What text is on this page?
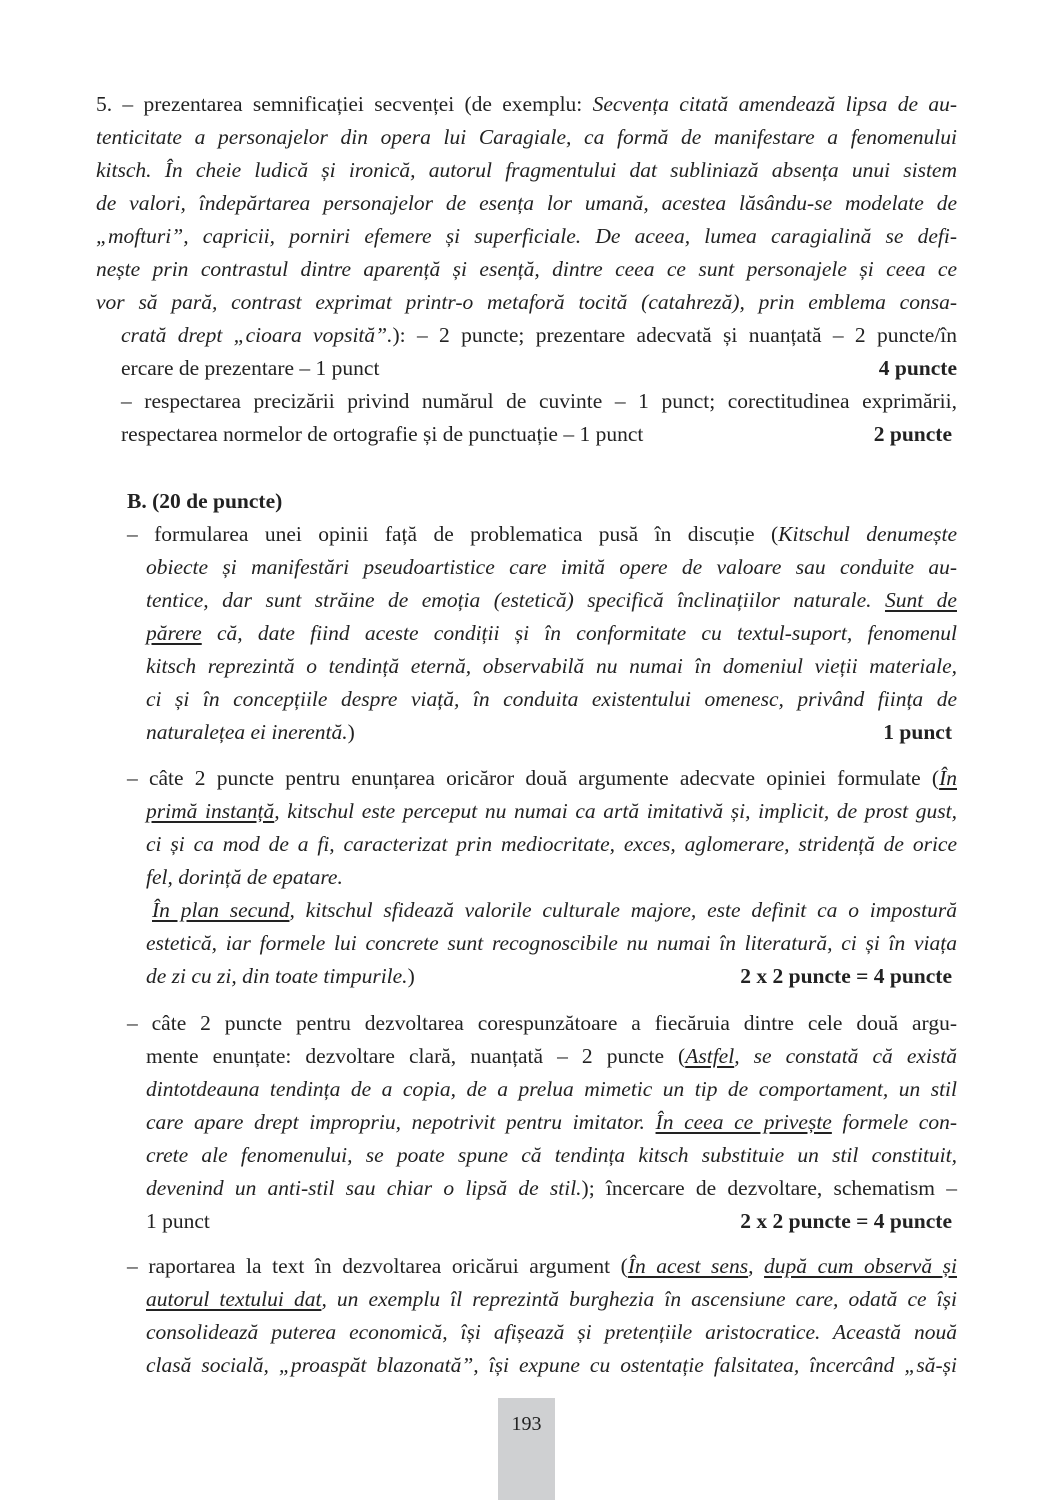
5. – prezentarea semnificației secvenței (de exemplu: Secvența citată amendează lipsa de au-
tenticitate a personajelor din opera lui Caragiale, ca formă de manifestare a fenomenului
kitsch. În cheie ludică și ironică, autorul fragmentului dat subliniază absența unui sistem
de valori, îndepărtarea personajelor de esența lor umană, acestea lăsându-se modelate de
„mofturi”, capricii, porniri efemere și superficiale. De aceea, lumea caragialină se defi-
nește prin contrastul dintre aparență și esență, dintre ceea ce sunt personajele și ceea ce
vor să pară, contrast exprimat printr-o metaforă tocită (catahreză), prin emblema consa-
crată drept „cioara vopsită”.): – 2 puncte; prezentare adecvată și nuanțată – 2 puncte/în
ercare de prezentare – 1 punct	4 puncte
– respectarea precizării privind numărul de cuvinte – 1 punct; corectitudinea exprimării,
respectarea normelor de ortografie și de punctuație – 1 punct	2 puncte
B. (20 de puncte)
– formularea unei opinii față de problematica pusă în discuție (Kitschul denumește
obiecte și manifestări pseudoartistice care imită opere de valoare sau conduite au-
tentice, dar sunt străine de emoția (estetică) specifică înclinațiilor naturale. Sunt de
părere că, date fiind aceste condiții și în conformitate cu textul-suport, fenomenul
kitsch reprezintă o tendință eternă, observabilă nu numai în domeniul vieții materiale,
ci și în concepțiile despre viață, în conduita existentului omenesc, privând ființa de
naturalețea ei inerentă.)	1 punct
– câte 2 puncte pentru enunțarea oricăror două argumente adecvate opiniei formulate (În
primă instanță, kitschul este perceput nu numai ca artă imitativă și, implicit, de prost gust,
ci și ca mod de a fi, caracterizat prin mediocritate, exces, aglomerare, stridență de orice
fel, dorință de epatare.
În plan secund, kitschul sfidează valorile culturale majore, este definit ca o impostură
estetică, iar formele lui concrete sunt recognoscibile nu numai în literatură, ci și în viața
de zi cu zi, din toate timpurile.)	2 x 2 puncte = 4 puncte
– câte 2 puncte pentru dezvoltarea corespunzătoare a fiecăruia dintre cele două argu-
mente enunțate: dezvoltare clară, nuanțată – 2 puncte (Astfel, se constată că există
dintotdeauna tendința de a copia, de a prelua mimetic un tip de comportament, un stil
care apare drept impropriu, nepotrivit pentru imitator. În ceea ce privește formele con-
crete ale fenomenului, se poate spune că tendința kitsch substituie un stil constituit,
devenind un anti-stil sau chiar o lipsă de stil.); încercare de dezvoltare, schematism –
1 punct	2 x 2 puncte = 4 puncte
– raportarea la text în dezvoltarea oricărui argument (În acest sens, după cum observă și
autorul textului dat, un exemplu îl reprezintă burghezia în ascensiune care, odată ce își
consolidează puterea economică, își afișează și pretențiile aristocratice. Această nouă
clasă socială, „proaspăt blazonată”, își expune cu ostentație falsitatea, încercând „să-și
193
